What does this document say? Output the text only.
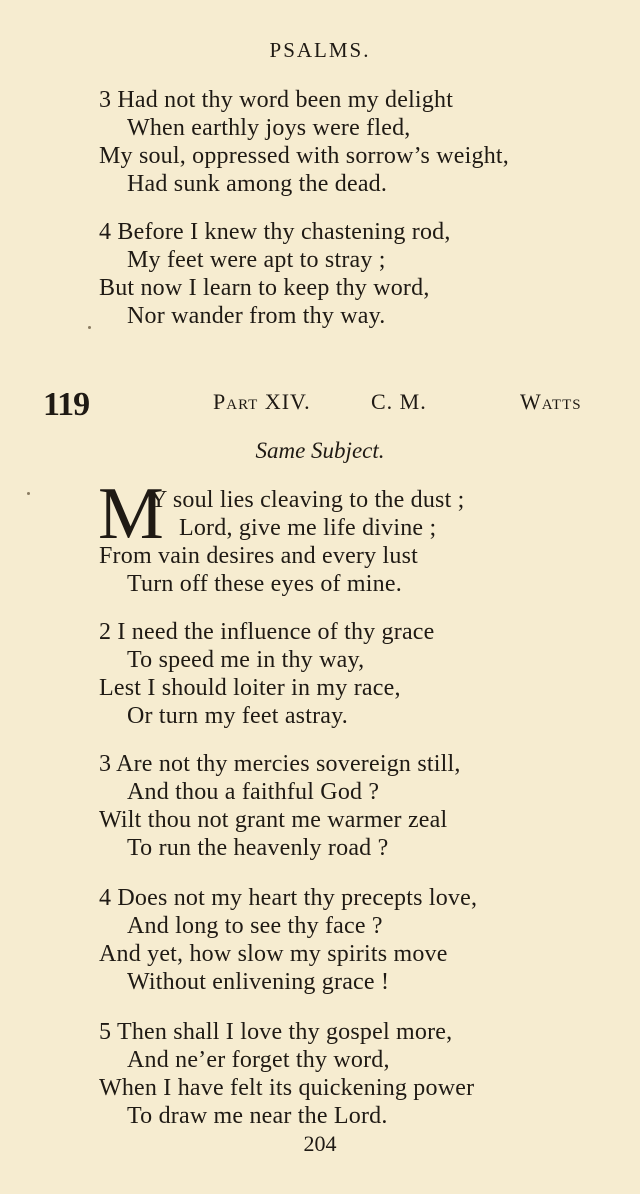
PSALMS.
3 Had not thy word been my delight
When earthly joys were fled,
My soul, oppressed with sorrow’s weight,
Had sunk among the dead.
4 Before I knew thy chastening rod,
My feet were apt to stray ;
But now I learn to keep thy word,
Nor wander from thy way.
119	Part XIV.	C. M.	Watts
Same Subject.
M
Y soul lies cleaving to the dust ;
Lord, give me life divine ;
From vain desires and every lust
Turn off these eyes of mine.
2 I need the influence of thy grace
To speed me in thy way,
Lest I should loiter in my race,
Or turn my feet astray.
3 Are not thy mercies sovereign still,
And thou a faithful God ?
Wilt thou not grant me warmer zeal
To run the heavenly road ?
4 Does not my heart thy precepts love,
And long to see thy face ?
And yet, how slow my spirits move
Without enlivening grace !
5 Then shall I love thy gospel more,
And ne’er forget thy word,
When I have felt its quickening power
To draw me near the Lord.
204
